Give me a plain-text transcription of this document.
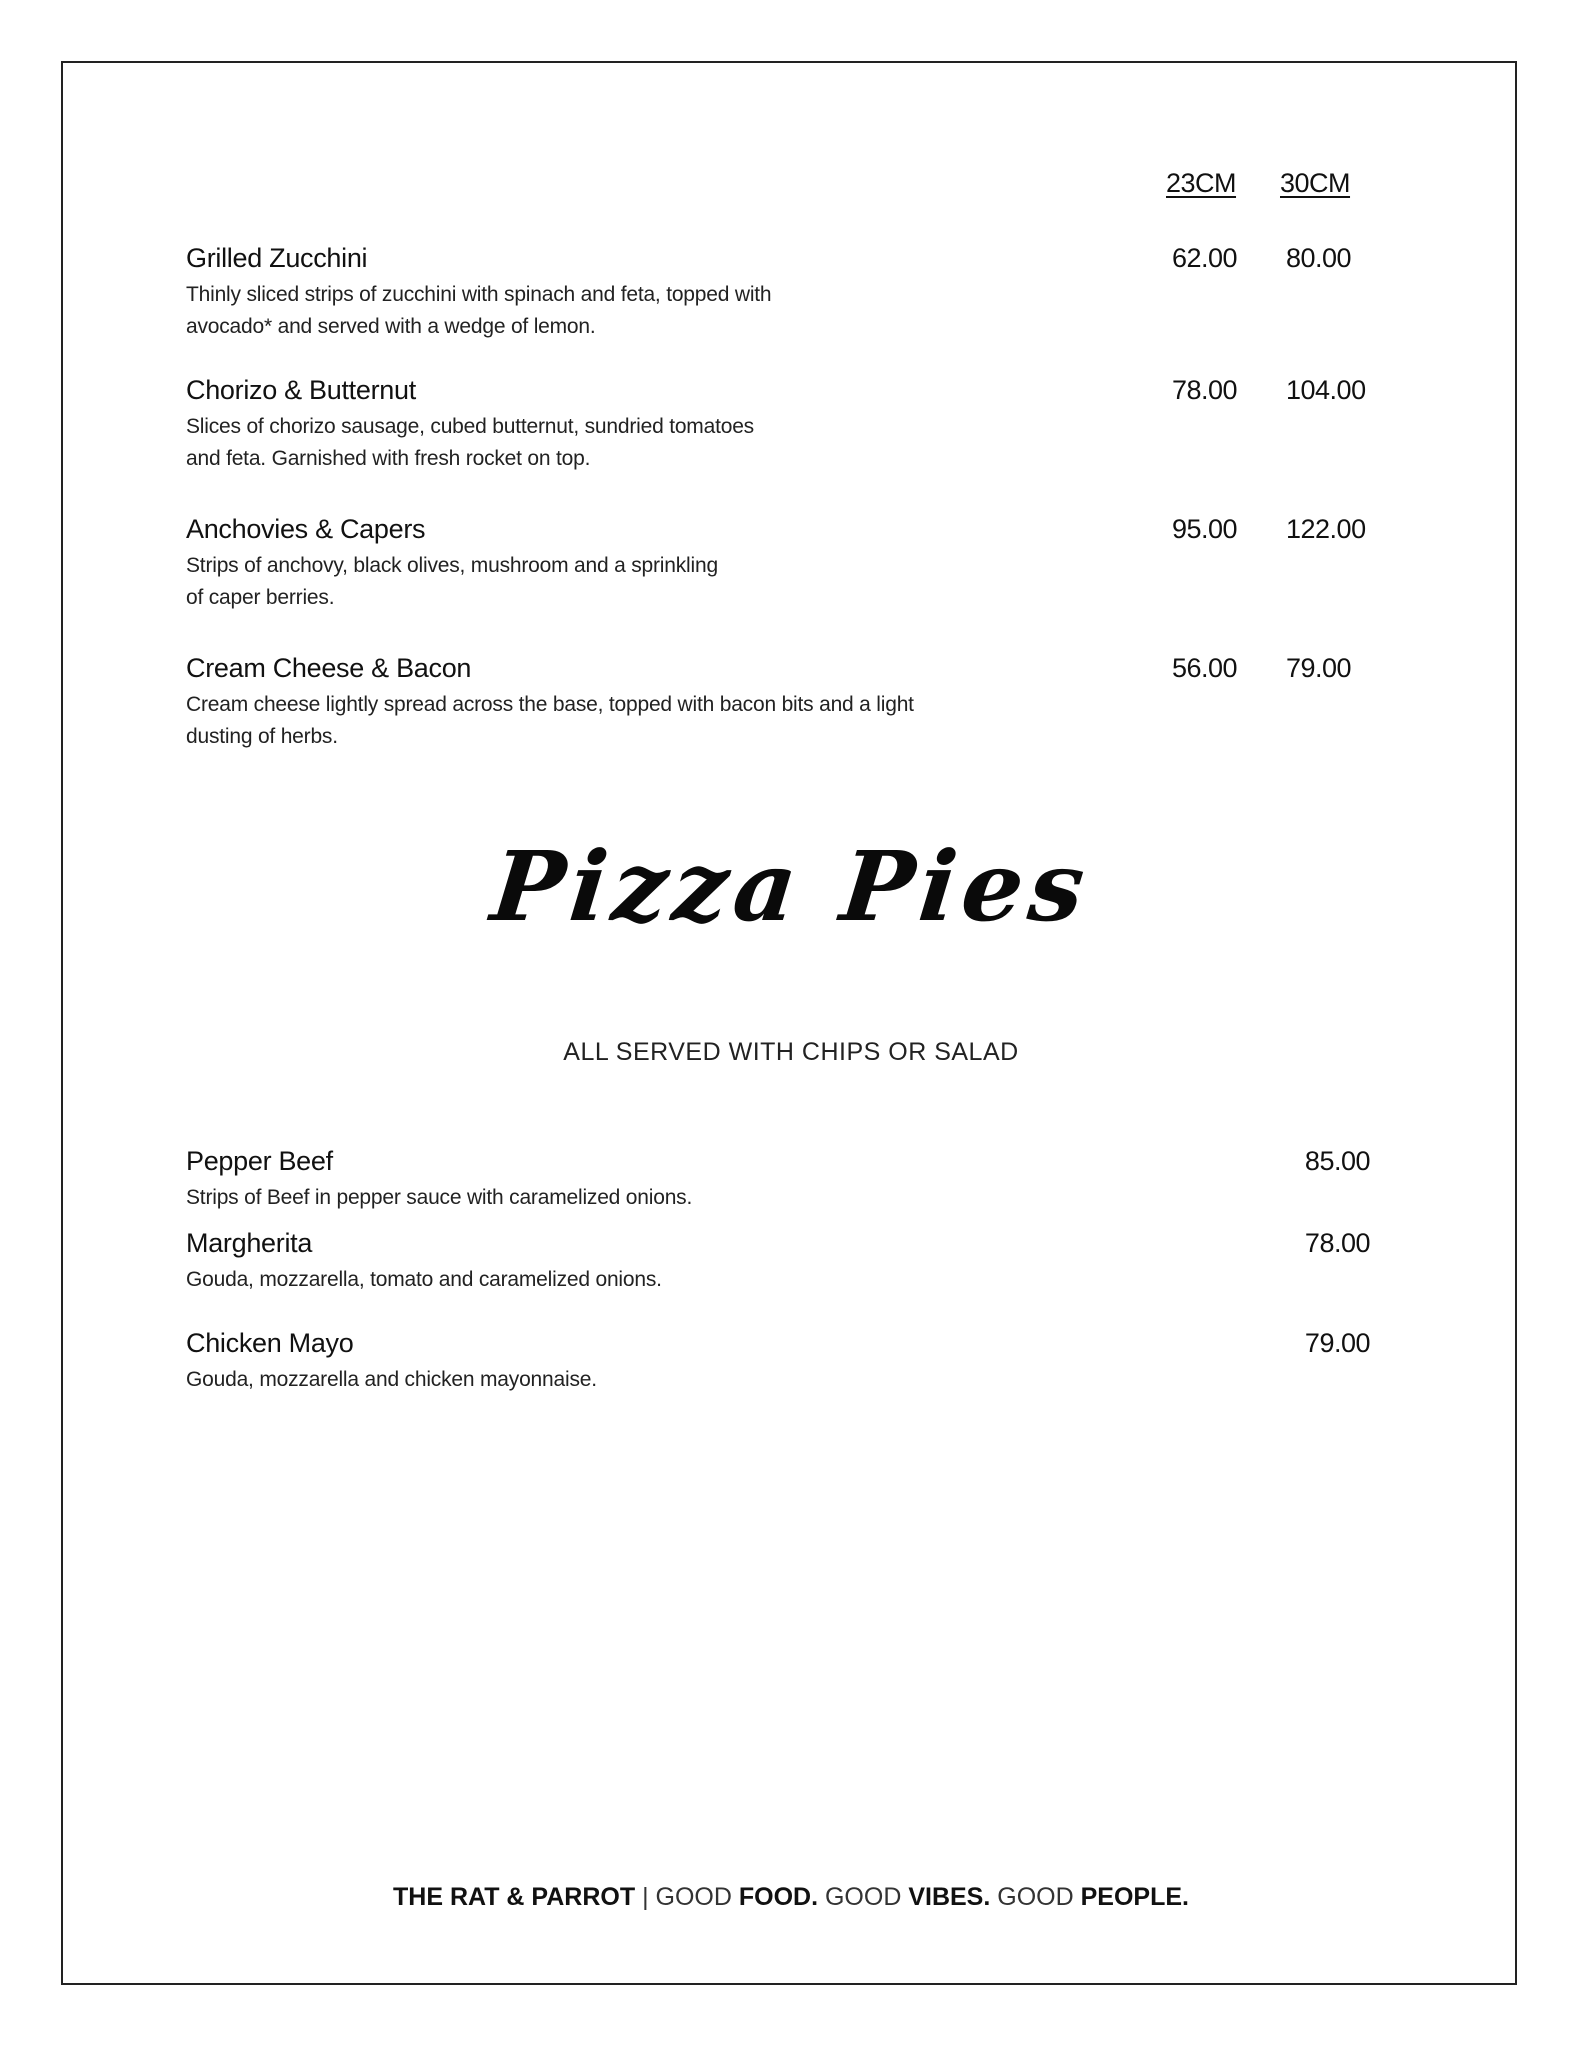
23CM 30CM
Grilled Zucchini
Thinly sliced strips of zucchini with spinach and feta, topped with
avocado* and served with a wedge of lemon.
62.00 80.00
Chorizo & Butternut
Slices of chorizo sausage, cubed butternut, sundried tomatoes
and feta. Garnished with fresh rocket on top.
78.00 104.00
Anchovies & Capers
Strips of anchovy, black olives, mushroom and a sprinkling
of caper berries.
95.00 122.00
Cream Cheese & Bacon
Cream cheese lightly spread across the base, topped with bacon bits and a light
dusting of herbs.
56.00 79.00
Pizza Pies
ALL SERVED WITH CHIPS OR SALAD
Pepper Beef
Strips of Beef in pepper sauce with caramelized onions.
85.00
Margherita
Gouda, mozzarella, tomato and caramelized onions.
78.00
Chicken Mayo
Gouda, mozzarella and chicken mayonnaise.
79.00
THE RAT & PARROT | GOOD FOOD. GOOD VIBES. GOOD PEOPLE.
